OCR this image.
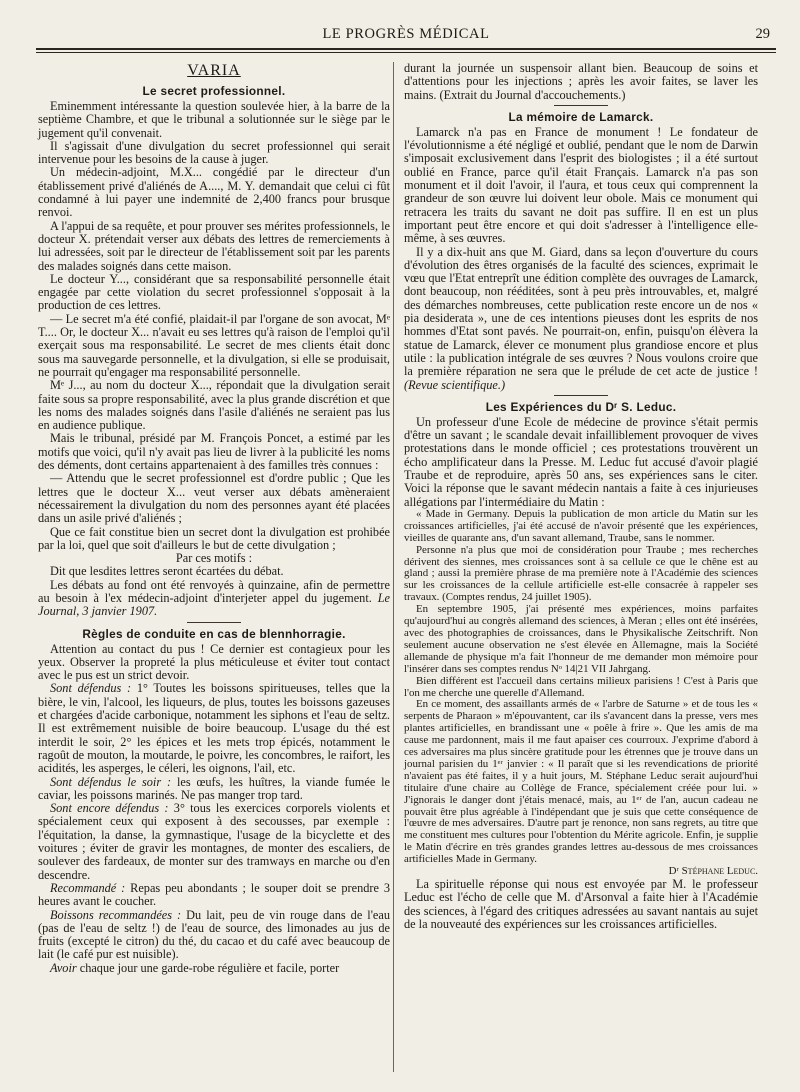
LE PROGRÈS MÉDICAL	29
VARIA
Le secret professionnel.

Eminemment intéressante la question soulevée hier, à la barre de la septième Chambre, et que le tribunal a solutionnée sur le siège par le jugement qu'il convenait.

Il s'agissait d'une divulgation du secret professionnel qui serait intervenue pour les besoins de la cause à juger.

Un médecin-adjoint, M.X... congédié par le directeur d'un établissement privé d'aliénés de A...., M. Y. demandait que celui ci fût condamné à lui payer une indemnité de 2,400 francs pour brusque renvoi.

A l'appui de sa requête, et pour prouver ses mérites professionnels, le docteur X. prétendait verser aux débats des lettres de remerciements à lui adressées, soit par le directeur de l'établissement soit par les parents des malades soignés dans cette maison.

Le docteur Y..., considérant que sa responsabilité personnelle était engagée par cette violation du secret professionnel s'opposait à la production de ces lettres.

— Le secret m'a été confié, plaidait-il par l'organe de son avocat, Mᵉ T.... Or, le docteur X... n'avait eu ses lettres qu'à raison de l'emploi qu'il exerçait sous ma responsabilité. Le secret de mes clients était donc sous ma sauvegarde personnelle, et la divulgation, si elle se produisait, ne pourrait qu'engager ma responsabilité personnelle.

Mᵉ J..., au nom du docteur X..., répondait que la divulgation serait faite sous sa propre responsabilité, avec la plus grande discrétion et que les noms des malades soignés dans l'asile d'aliénés ne seraient pas lus en audience publique.

Mais le tribunal, présidé par M. François Poncet, a estimé par les motifs que voici, qu'il n'y avait pas lieu de livrer à la publicité les noms des déments, dont certains appartenaient à des familles très connues :

— Attendu que le secret professionnel est d'ordre public ; Que les lettres que le docteur X... veut verser aux débats amèneraient nécessairement la divulgation du nom des personnes ayant été placées dans un asile privé d'aliénés ;

Que ce fait constitue bien un secret dont la divulgation est prohibée par la loi, quel que soit d'ailleurs le but de cette divulgation ;

Par ces motifs :

Dit que lesdites lettres seront écartées du débat.

Les débats au fond ont été renvoyés à quinzaine, afin de permettre au besoin à l'ex médecin-adjoint d'interjeter appel du jugement. Le Journal, 3 janvier 1907.

Règles de conduite en cas de blennhorragie.

Attention au contact du pus ! Ce dernier est contagieux pour les yeux. Observer la propreté la plus méticuleuse et éviter tout contact avec le pus est un strict devoir.

Sont défendus : 1° Toutes les boissons spiritueuses, telles que la bière, le vin, l'alcool, les liqueurs, de plus, toutes les boissons gazeuses et chargées d'acide carbonique, notamment les siphons et l'eau de seltz. Il est extrêmement nuisible de boire beaucoup. L'usage du thé est interdit le soir, 2° les épices et les mets trop épicés, notamment le ragoût de mouton, la moutarde, le poivre, les concombres, le raifort, les acidités, les asperges, le céleri, les oignons, l'ail, etc.

Sont défendus le soir : les œufs, les huîtres, la viande fumée le caviar, les poissons marinés. Ne pas manger trop tard.

Sont encore défendus : 3° tous les exercices corporels violents et spécialement ceux qui exposent à des secousses, par exemple : l'équitation, la danse, la gymnastique, l'usage de la bicyclette et des voitures ; éviter de gravir les montagnes, de monter des escaliers, de soulever des fardeaux, de monter sur des tramways en marche ou d'en descendre.

Recommandé : Repas peu abondants ; le souper doit se prendre 3 heures avant le coucher.

Boissons recommandées : Du lait, peu de vin rouge dans de l'eau (pas de l'eau de seltz !) de l'eau de source, des limonades au jus de fruits (excepté le citron) du thé, du cacao et du café avec beaucoup de lait (le café pur est nuisible).

Avoir chaque jour une garde-robe régulière et facile, porter

durant la journée un suspensoir allant bien. Beaucoup de soins et d'attentions pour les injections ; après les avoir faites, se laver les mains. (Extrait du Journal d'accouchements.)

La mémoire de Lamarck.

Lamarck n'a pas en France de monument ! Le fondateur de l'évolutionnisme a été négligé et oublié, pendant que le nom de Darwin s'imposait exclusivement dans l'esprit des biologistes ; il a été surtout oublié en France, parce qu'il était Français. Lamarck n'a pas son monument et il doit l'avoir, il l'aura, et tous ceux qui comprennent la grandeur de son œuvre lui doivent leur obole. Mais ce monument qui retracera les traits du savant ne doit pas suffire. Il en est un plus important peut être encore et qui doit s'adresser à l'intelligence elle-même, à ses œuvres.

Il y a dix-huit ans que M. Giard, dans sa leçon d'ouverture du cours d'évolution des êtres organisés de la faculté des sciences, exprimait le vœu que l'Etat entreprît une édition complète des ouvrages de Lamarck, dont beaucoup, non rééditées, sont à peu près introuvables, et, malgré des démarches nombreuses, cette publication reste encore un de nos « pia desiderata », une de ces intentions pieuses dont les esprits de nos hommes d'Etat sont pavés. Ne pourrait-on, enfin, puisqu'on élèvera la statue de Lamarck, élever ce monument plus grandiose encore et plus utile : la publication intégrale de ses œuvres ? Nous voulons croire que la première réparation ne sera que le prélude de cet acte de justice ! (Revue scientifique.)

Les Expériences du Dʳ S. Leduc.

Un professeur d'une Ecole de médecine de province s'était permis d'être un savant ; le scandale devait infailliblement provoquer de vives protestations dans le monde officiel ; ces protestations trouvèrent un écho amplificateur dans la Presse. M. Leduc fut accusé d'avoir plagié Traube et de reproduire, après 50 ans, ses expériences sans le citer. Voici la réponse que le savant médecin nantais a faite à ces injurieuses allégations par l'intermédiaire du Matin :

« Made in Germany. Depuis la publication de mon article du Matin sur les croissances artificielles, j'ai été accusé de n'avoir présenté que les expériences, vieilles de quarante ans, d'un savant allemand, Traube, sans le nommer.

Personne n'a plus que moi de considération pour Traube ; mes recherches dérivent des siennes, mes croissances sont à sa cellule ce que le chêne est au gland ; aussi la première phrase de ma première note à l'Académie des sciences sur les croissances de la cellule artificielle est-elle consacrée à rappeler ses travaux. (Comptes rendus, 24 juillet 1905).

En septembre 1905, j'ai présenté mes expériences, moins parfaites qu'aujourd'hui au congrès allemand des sciences, à Meran ; elles ont été insérées, avec des photographies de croissances, dans le Physikalische Zeitschrift. Non seulement aucune observation ne s'est élevée en Allemagne, mais la Société allemande de physique m'a fait l'honneur de me demander mon mémoire pour l'insérer dans ses comptes rendus Nᵒ 14|21 VII Jahrgang.

Bien différent est l'accueil dans certains milieux parisiens ! C'est à Paris que l'on me cherche une querelle d'Allemand.

En ce moment, des assaillants armés de « l'arbre de Saturne » et de tous les « serpents de Pharaon » m'épouvantent, car ils s'avancent dans la presse, vers mes plantes artificielles, en brandissant une « poêle à frire ». Que les amis de ma cause me pardonnent, mais il me faut apaiser ces courroux. J'exprime d'abord à ces adversaires ma plus sincère gratitude pour les étrennes que je trouve dans un journal parisien du 1ᵉʳ janvier : « Il paraît que si les revendications de priorité n'avaient pas été faites, il y a huit jours, M. Stéphane Leduc serait aujourd'hui titulaire d'une chaire au Collège de France, spécialement créée pour lui. » J'ignorais le danger dont j'étais menacé, mais, au 1ᵉʳ de l'an, aucun cadeau ne pouvait être plus agréable à l'indépendant que je suis que cette conséquence de l'œuvre de mes adversaires. D'autre part je renonce, non sans regrets, au titre que me constituent mes cultures pour l'obtention du Mérite agricole. Enfin, je supplie le Matin d'écrire en très grandes grandes lettres au-dessous de mes croissances artificielles Made in Germany.

Dʳ Stéphane Leduc.

La spirituelle réponse qui nous est envoyée par M. le professeur Leduc est l'écho de celle que M. d'Arsonval a faite hier à l'Académie des sciences, à l'égard des critiques adressées au savant nantais au sujet de la nouveauté des expériences sur les croissances artificielles.
